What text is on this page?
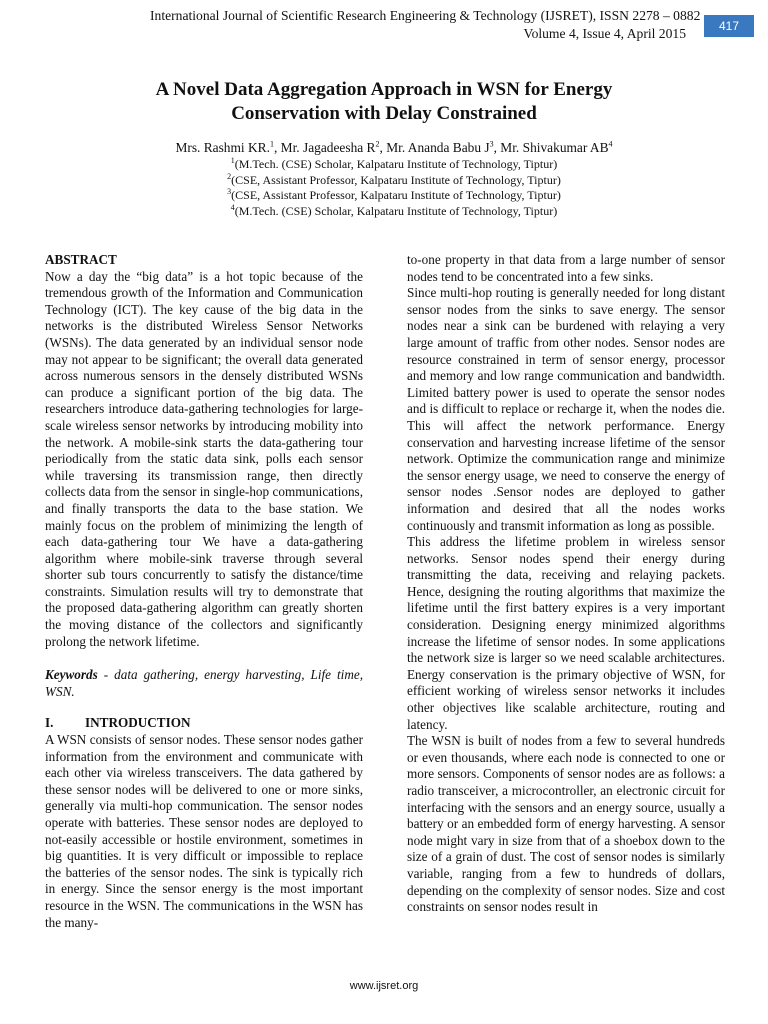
International Journal of Scientific Research Engineering & Technology (IJSRET), ISSN 2278 – 0882
Volume 4, Issue 4, April 2015	417
A Novel Data Aggregation Approach in WSN for Energy
Conservation with Delay Constrained
Mrs. Rashmi KR.$^1$, Mr. Jagadeesha $R^2$, Mr. Ananda Babu $J^3$, Mr. Shivakumar $AB^4$
$^1$(M.Tech. (CSE) Scholar, Kalpataru Institute of Technology, Tiptur)
$^2$(CSE, Assistant Professor, Kalpataru Institute of Technology, Tiptur)
$^3$(CSE, Assistant Professor, Kalpataru Institute of Technology, Tiptur)
$^4$(M.Tech. (CSE) Scholar, Kalpataru Institute of Technology, Tiptur)

ABSTRACT

Now a day the “big data” is a hot topic because of the tremendous growth of the Information and Communication Technology (ICT). The key cause of the big data in the networks is the distributed Wireless Sensor Networks (WSNs). The data generated by an individual sensor node may not appear to be significant; the overall data generated across numerous sensors in the densely distributed WSNs can produce a significant portion of the big data. The researchers introduce data-gathering technologies for large-scale wireless sensor networks by introducing mobility into the network. A mobile-sink starts the data-gathering tour periodically from the static data sink, polls each sensor while traversing its transmission range, then directly collects data from the sensor in single-hop communications, and finally transports the data to the base station. We mainly focus on the problem of minimizing the length of each data-gathering tour We have a data-gathering algorithm where mobile-sink traverse through several shorter sub tours concurrently to satisfy the distance/time constraints. Simulation results will try to demonstrate that the proposed data-gathering algorithm can greatly shorten the moving distance of the collectors and significantly prolong the network lifetime.

Keywords - data gathering, energy harvesting, Life time, WSN.

I. INTRODUCTION

A WSN consists of sensor nodes. These sensor nodes gather information from the environment and communicate with each other via wireless transceivers. The data gathered by these sensor nodes will be delivered to one or more sinks, generally via multi-hop communication. The sensor nodes operate with batteries. These sensor nodes are deployed to not-easily accessible or hostile environment, sometimes in big quantities. It is very difficult or impossible to replace the batteries of the sensor nodes. The sink is typically rich in energy. Since the sensor energy is the most important resource in the WSN. The communications in the WSN has the many-

to-one property in that data from a large number of sensor nodes tend to be concentrated into a few sinks.

Since multi-hop routing is generally needed for long distant sensor nodes from the sinks to save energy. The sensor nodes near a sink can be burdened with relaying a very large amount of traffic from other nodes. Sensor nodes are resource constrained in term of sensor energy, processor and memory and low range communication and bandwidth. Limited battery power is used to operate the sensor nodes and is difficult to replace or recharge it, when the nodes die. This will affect the network performance. Energy conservation and harvesting increase lifetime of the sensor network. Optimize the communication range and minimize the sensor energy usage, we need to conserve the energy of sensor nodes .Sensor nodes are deployed to gather information and desired that all the nodes works continuously and transmit information as long as possible.

This address the lifetime problem in wireless sensor networks. Sensor nodes spend their energy during transmitting the data, receiving and relaying packets. Hence, designing the routing algorithms that maximize the lifetime until the first battery expires is a very important consideration. Designing energy minimized algorithms increase the lifetime of sensor nodes. In some applications the network size is larger so we need scalable architectures. Energy conservation is the primary objective of WSN, for efficient working of wireless sensor networks it includes other objectives like scalable architecture, routing and latency.

The WSN is built of nodes from a few to several hundreds or even thousands, where each node is connected to one or more sensors. Components of sensor nodes are as follows: a radio transceiver, a microcontroller, an electronic circuit for interfacing with the sensors and an energy source, usually a battery or an embedded form of energy harvesting. A sensor node might vary in size from that of a shoebox down to the size of a grain of dust. The cost of sensor nodes is similarly variable, ranging from a few to hundreds of dollars, depending on the complexity of sensor nodes. Size and cost constraints on sensor nodes result in

www.ijsret.org
